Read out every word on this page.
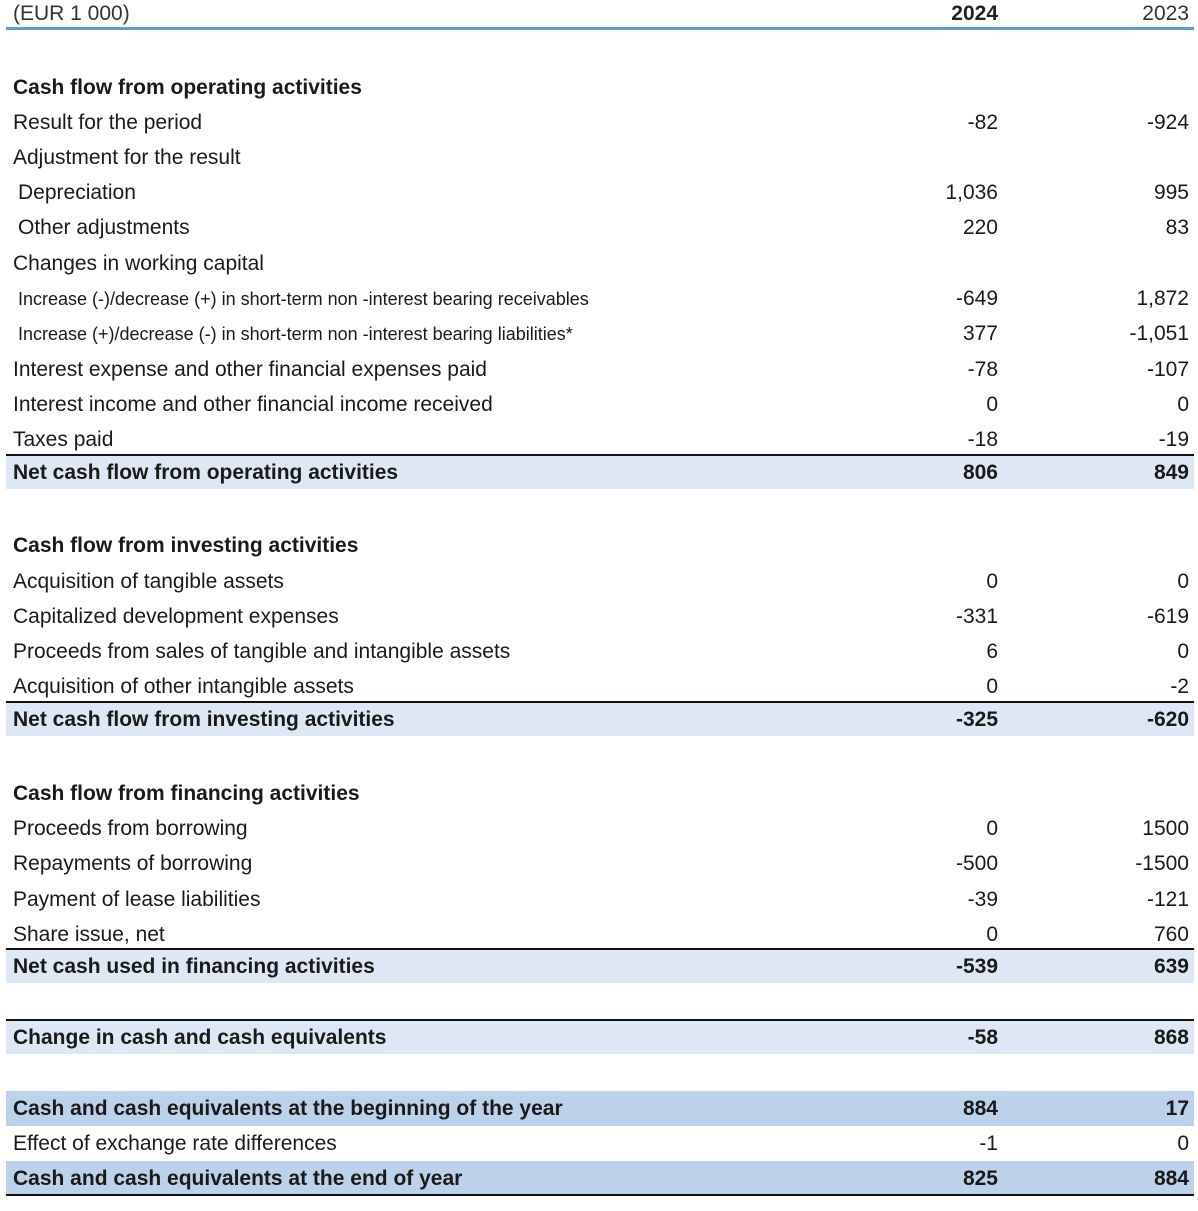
(EUR 1 000)	2024	2023
Cash flow from operating activities
Result for the period	-82	-924
Adjustment for the result
Depreciation	1,036	995
Other adjustments	220	83
Changes in working capital
Increase (-)/decrease (+) in short-term non -interest bearing receivables	-649	1,872
Increase (+)/decrease (-) in short-term non -interest bearing liabilities*	377	-1,051
Interest expense and other financial expenses paid	-78	-107
Interest income and other financial income received	0	0
Taxes paid	-18	-19
Net cash flow from operating activities	806	849
Cash flow from investing activities
Acquisition of tangible assets	0	0
Capitalized development expenses	-331	-619
Proceeds from sales of tangible and intangible assets	6	0
Acquisition of other intangible assets	0	-2
Net cash flow from investing activities	-325	-620
Cash flow from financing activities
Proceeds from borrowing	0	1500
Repayments of borrowing	-500	-1500
Payment of lease liabilities	-39	-121
Share issue, net	0	760
Net cash used in financing activities	-539	639
Change in cash and cash equivalents	-58	868
Cash and cash equivalents at the beginning of the year	884	17
Effect of exchange rate differences	-1	0
Cash and cash equivalents at the end of year	825	884
